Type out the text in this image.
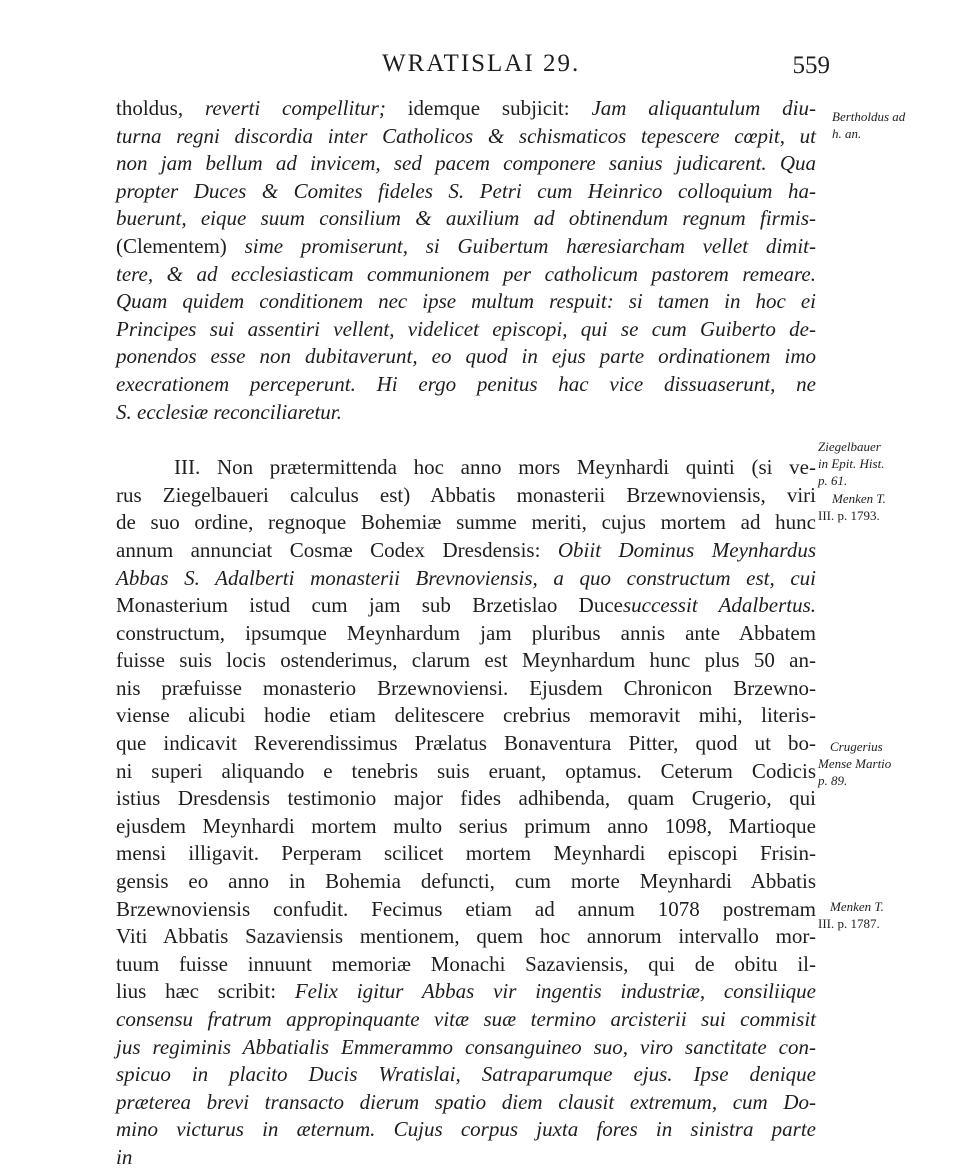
WRATISLAI 29.	559
tholdus, reverti compellitur; idemque subjicit: Jam aliquantulum diu-
turna regni discordia inter Catholicos & schismaticos tepescere cœpit, ut
non jam bellum ad invicem, sed pacem componere sanius judicarent. Qua
propter Duces & Comites fideles S. Petri cum Heinrico colloquium ha-
buerunt, eique suum consilium & auxilium ad obtinendum regnum firmis-
(Clementem) sime promiserunt, si Guibertum hæresiarcham vellet dimit-
tere, & ad ecclesiasticam communionem per catholicum pastorem remeare.
Quam quidem conditionem nec ipse multum respuit: si tamen in hoc ei
Principes sui assentiri vellent, videlicet episcopi, qui se cum Guiberto de-
ponendos esse non dubitaverunt, eo quod in ejus parte ordinationem imo
execrationem perceperunt. Hi ergo penitus hac vice dissuaserunt, ne
S. ecclesiæ reconciliaretur.
III. Non prætermittenda hoc anno mors Meynhardi quinti (si ve-
rus Ziegelbaueri calculus est) Abbatis monasterii Brzewnoviensis, viri
de suo ordine, regnoque Bohemiæ summe meriti, cujus mortem ad hunc
annum annunciat Cosmæ Codex Dresdensis: Obiit Dominus Meynhardus
Abbas S. Adalberti monasterii Brevnoviensis, a quo constructum est, cui
Monasterium istud cum jam sub Brzetislao Ducesuccessit Adalbertus.
constructum, ipsumque Meynhardum jam pluribus annis ante Abbatem
fuisse suis locis ostenderimus, clarum est Meynhardum hunc plus 50 an-
nis præfuisse monasterio Brzewnoviensi. Ejusdem Chronicon Brzewno-
viense alicubi hodie etiam delitescere crebrius memoravit mihi, literis-
que indicavit Reverendissimus Prælatus Bonaventura Pitter, quod ut bo-
ni superi aliquando e tenebris suis eruant, optamus. Ceterum Codicis
istius Dresdensis testimonio major fides adhibenda, quam Crugerio, qui
ejusdem Meynhardi mortem multo serius primum anno 1098, Martioque
mensi illigavit. Perperam scilicet mortem Meynhardi episcopi Frisin-
gensis eo anno in Bohemia defuncti, cum morte Meynhardi Abbatis
Brzewnoviensis confudit. Fecimus etiam ad annum 1078 postremam
Viti Abbatis Sazaviensis mentionem, quem hoc annorum intervallo mor-
tuum fuisse innuunt memoriæ Monachi Sazaviensis, qui de obitu il-
lius hæc scribit: Felix igitur Abbas vir ingentis industriæ, consiliique
consensu fratrum appropinquante vitæ suæ termino arcisterii sui commisit
jus regiminis Abbatialis Emmerammo consanguineo suo, viro sanctitate con-
spicuo in placito Ducis Wratislai, Satraparumque ejus. Ipse denique
præterea brevi transacto dierum spatio diem clausit extremum, cum Do-
mino victurus in æternum. Cujus corpus juxta fores in sinistra parte
in
Bertholdus ad
h. an.
Ziegelbauer
in Epit. Hist.
p. 61.
Menken T.
III. p. 1793.
Crugerius
Mense Martio
p. 89.
Menken T.
III. p. 1787.
